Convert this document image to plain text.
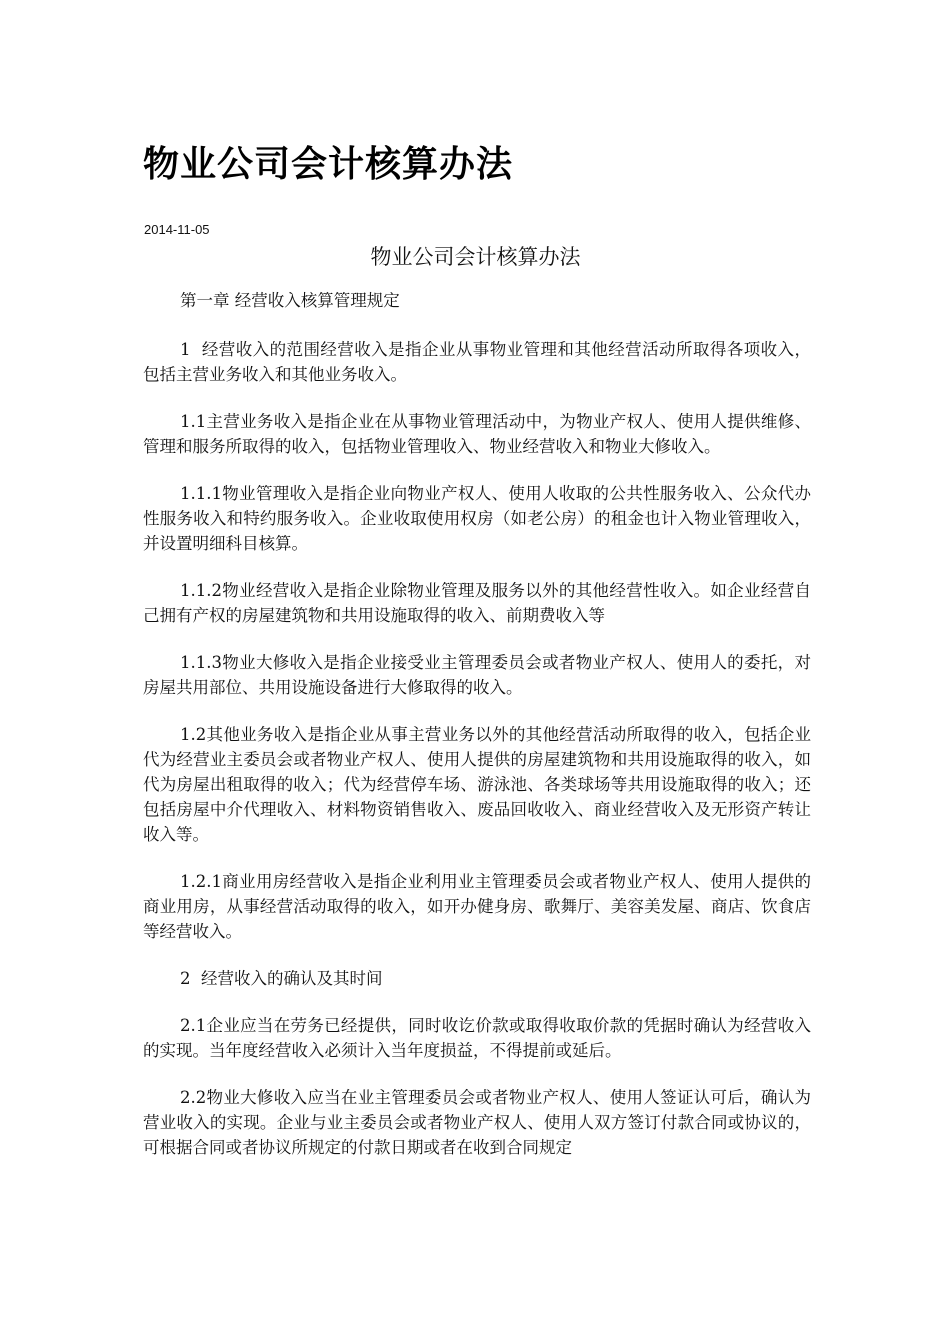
物业公司会计核算办法
2014-11-05
物业公司会计核算办法

第一章 经营收入核算管理规定

1  经营收入的范围经营收入是指企业从事物业管理和其他经营活动所取得各项收入，包括主营业务收入和其他业务收入。

1.1主营业务收入是指企业在从事物业管理活动中，为物业产权人、使用人提供维修、管理和服务所取得的收入，包括物业管理收入、物业经营收入和物业大修收入。

1.1.1物业管理收入是指企业向物业产权人、使用人收取的公共性服务收入、公众代办性服务收入和特约服务收入。企业收取使用权房（如老公房）的租金也计入物业管理收入，并设置明细科目核算。

1.1.2物业经营收入是指企业除物业管理及服务以外的其他经营性收入。如企业经营自己拥有产权的房屋建筑物和共用设施取得的收入、前期费收入等

1.1.3物业大修收入是指企业接受业主管理委员会或者物业产权人、使用人的委托，对房屋共用部位、共用设施设备进行大修取得的收入。

1.2其他业务收入是指企业从事主营业务以外的其他经营活动所取得的收入，包括企业代为经营业主委员会或者物业产权人、使用人提供的房屋建筑物和共用设施取得的收入，如代为房屋出租取得的收入；代为经营停车场、游泳池、各类球场等共用设施取得的收入；还包括房屋中介代理收入、材料物资销售收入、废品回收收入、商业经营收入及无形资产转让收入等。

1.2.1商业用房经营收入是指企业利用业主管理委员会或者物业产权人、使用人提供的商业用房，从事经营活动取得的收入，如开办健身房、歌舞厅、美容美发屋、商店、饮食店等经营收入。

2  经营收入的确认及其时间

2.1企业应当在劳务已经提供，同时收讫价款或取得收取价款的凭据时确认为经营收入的实现。当年度经营收入必须计入当年度损益，不得提前或延后。

2.2物业大修收入应当在业主管理委员会或者物业产权人、使用人签证认可后，确认为营业收入的实现。企业与业主委员会或者物业产权人、使用人双方签订付款合同或协议的，可根据合同或者协议所规定的付款日期或者在收到合同规定
